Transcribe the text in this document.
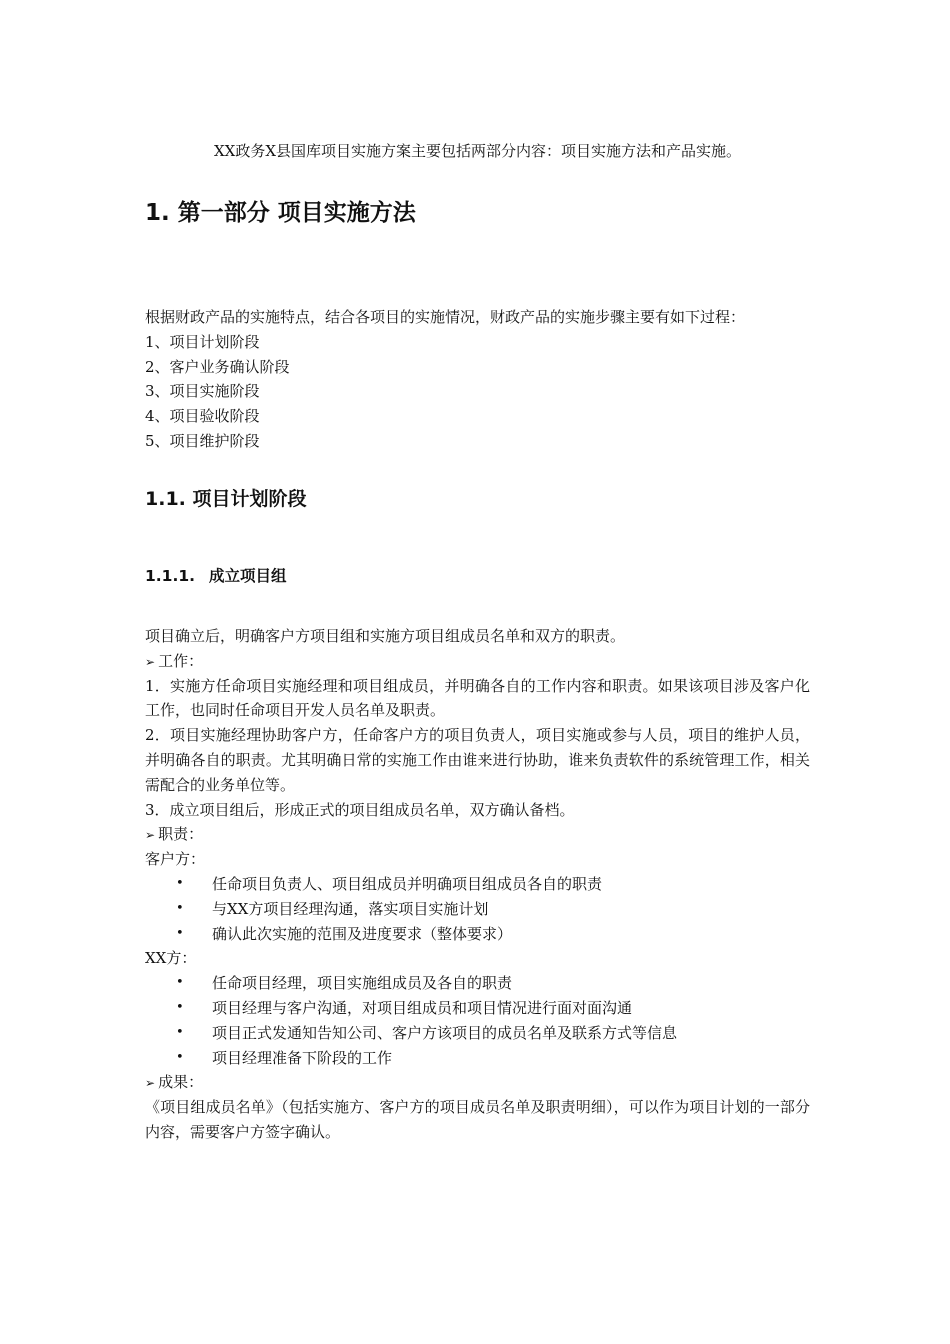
XX政务X县国库项目实施方案主要包括两部分内容：项目实施方法和产品实施。
1. 第一部分 项目实施方法
根据财政产品的实施特点，结合各项目的实施情况，财政产品的实施步骤主要有如下过程：
1、项目计划阶段
2、客户业务确认阶段
3、项目实施阶段
4、项目验收阶段
5、项目维护阶段
1.1. 项目计划阶段
1.1.1. 成立项目组
项目确立后，明确客户方项目组和实施方项目组成员名单和双方的职责。
➢ 工作：
1．实施方任命项目实施经理和项目组成员，并明确各自的工作内容和职责。如果该项目涉及客户化工作，也同时任命项目开发人员名单及职责。
2．项目实施经理协助客户方，任命客户方的项目负责人，项目实施或参与人员，项目的维护人员，并明确各自的职责。尤其明确日常的实施工作由谁来进行协助，谁来负责软件的系统管理工作，相关需配合的业务单位等。
3．成立项目组后，形成正式的项目组成员名单，双方确认备档。
➢ 职责：
客户方：
• 任命项目负责人、项目组成员并明确项目组成员各自的职责
• 与XX方项目经理沟通，落实项目实施计划
• 确认此次实施的范围及进度要求（整体要求）
XX方：
• 任命项目经理，项目实施组成员及各自的职责
• 项目经理与客户沟通，对项目组成员和项目情况进行面对面沟通
• 项目正式发通知告知公司、客户方该项目的成员名单及联系方式等信息
• 项目经理准备下阶段的工作
➢ 成果：
《项目组成员名单》（包括实施方、客户方的项目成员名单及职责明细），可以作为项目计划的一部分内容，需要客户方签字确认。
